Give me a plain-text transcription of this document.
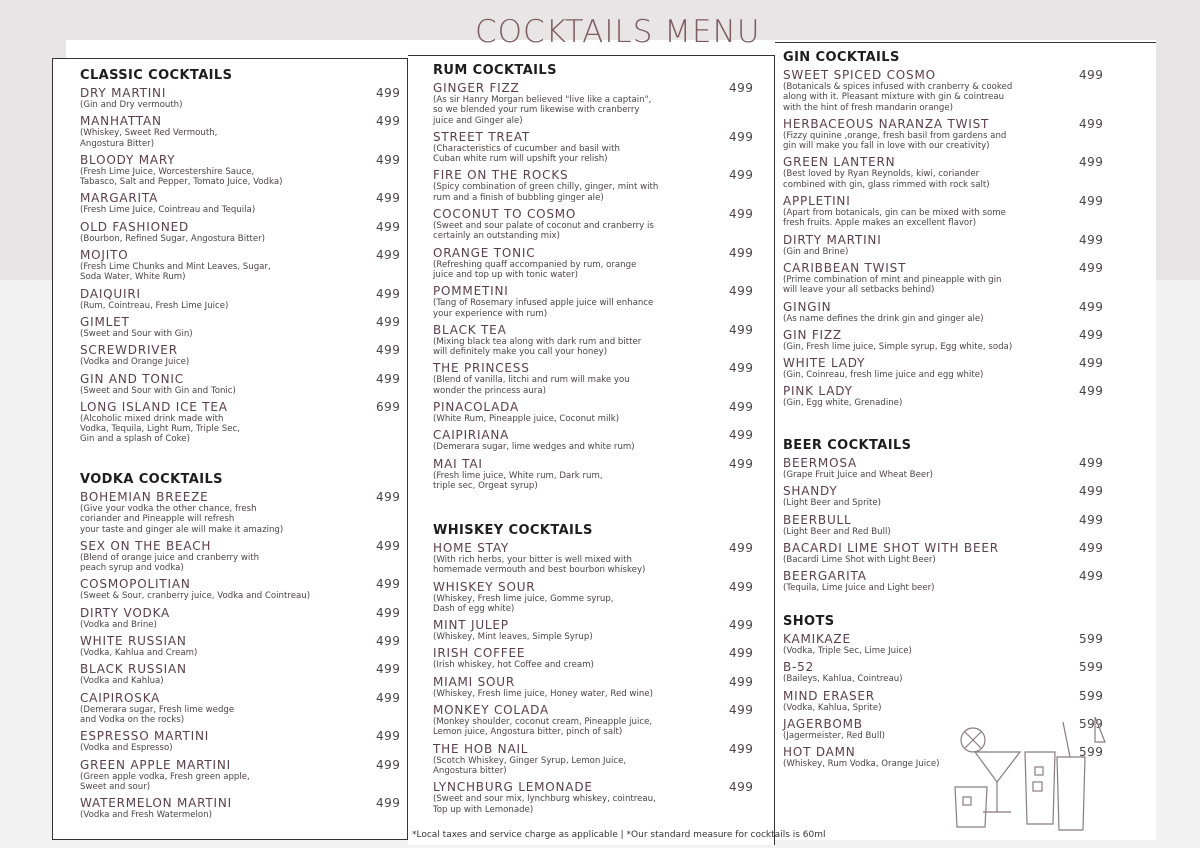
COCKTAILS MENU
CLASSIC COCKTAILS
DRY MARTINI
(Gin and Dry vermouth)
499
MANHATTAN
(Whiskey, Sweet Red Vermouth,
Angostura Bitter)
499
BLOODY MARY
(Fresh Lime Juice, Worcestershire Sauce,
Tabasco, Salt and Pepper, Tomato Juice, Vodka)
499
MARGARITA
(Fresh Lime Juice, Cointreau and Tequila)
499
OLD FASHIONED
(Bourbon, Refined Sugar, Angostura Bitter)
499
MOJITO
(Fresh Lime Chunks and Mint Leaves, Sugar,
Soda Water, White Rum)
499
DAIQUIRI
(Rum, Cointreau, Fresh Lime Juice)
499
GIMLET
(Sweet and Sour with Gin)
499
SCREWDRIVER
(Vodka and Orange Juice)
499
GIN AND TONIC
(Sweet and Sour with Gin and Tonic)
499
LONG ISLAND ICE TEA
(Alcoholic mixed drink made with
Vodka, Tequila, Light Rum, Triple Sec,
Gin and a splash of Coke)
699
VODKA COCKTAILS
BOHEMIAN BREEZE
(Give your vodka the other chance, fresh
coriander and Pineapple will refresh
your taste and ginger ale will make it amazing)
499
SEX ON THE BEACH
(Blend of orange juice and cranberry with
peach syrup and vodka)
499
COSMOPOLITIAN
(Sweet & Sour, cranberry juice, Vodka and Cointreau)
499
DIRTY VODKA
(Vodka and Brine)
499
WHITE RUSSIAN
(Vodka, Kahlua and Cream)
499
BLACK RUSSIAN
(Vodka and Kahlua)
499
CAIPIROSKA
(Demerara sugar, Fresh lime wedge
and Vodka on the rocks)
499
ESPRESSO MARTINI
(Vodka and Espresso)
499
GREEN APPLE MARTINI
(Green apple vodka, Fresh green apple,
Sweet and sour)
499
WATERMELON MARTINI
(Vodka and Fresh Watermelon)
499
RUM COCKTAILS
GINGER FIZZ
(As sir Hanry Morgan believed "live like a captain",
so we blended your rum likewise with cranberry
juice and Ginger ale)
499
STREET TREAT
(Characteristics of cucumber and basil with
Cuban white rum will upshift your relish)
499
FIRE ON THE ROCKS
(Spicy combination of green chilly, ginger, mint with
rum and a finish of bubbling ginger ale)
499
COCONUT TO COSMO
(Sweet and sour palate of coconut and cranberry is
certainly an outstanding mix)
499
ORANGE TONIC
(Refreshing quaff accompanied by rum, orange
juice and top up with tonic water)
499
POMMETINI
(Tang of Rosemary infused apple juice will enhance
your experience with rum)
499
BLACK TEA
(Mixing black tea along with dark rum and bitter
will definitely make you call your honey)
499
THE PRINCESS
(Blend of vanilla, litchi and rum will make you
wonder the princess aura)
499
PINACOLADA
(White Rum, Pineapple juice, Coconut milk)
499
CAIPIRIANA
(Demerara sugar, lime wedges and white rum)
499
MAI TAI
(Fresh lime juice, White rum, Dark rum,
triple sec, Orgeat syrup)
499
WHISKEY COCKTAILS
HOME STAY
(With rich herbs, your bitter is well mixed with
homemade vermouth and best bourbon whiskey)
499
WHISKEY SOUR
(Whiskey, Fresh lime juice, Gomme syrup,
Dash of egg white)
499
MINT JULEP
(Whiskey, Mint leaves, Simple Syrup)
499
IRISH COFFEE
(Irish whiskey, hot Coffee and cream)
499
MIAMI SOUR
(Whiskey, Fresh lime juice, Honey water, Red wine)
499
MONKEY COLADA
(Monkey shoulder, coconut cream, Pineapple juice,
Lemon juice, Angostura bitter, pinch of salt)
499
THE HOB NAIL
(Scotch Whiskey, Ginger Syrup, Lemon Juice,
Angostura bitter)
499
LYNCHBURG LEMONADE
(Sweet and sour mix, lynchburg whiskey, cointreau,
Top up with Lemonade)
499
GIN COCKTAILS
SWEET SPICED COSMO
(Botanicals & spices infused with cranberry & cooked
along with it. Pleasant mixture with gin & cointreau
with the hint of fresh mandarin orange)
499
HERBACEOUS NARANZA TWIST
(Fizzy quinine ,orange, fresh basil from gardens and
gin will make you fall in love with our creativity)
499
GREEN LANTERN
(Best loved by Ryan Reynolds, kiwi, coriander
combined with gin, glass rimmed with rock salt)
499
APPLETINI
(Apart from botanicals, gin can be mixed with some
fresh fruits. Apple makes an excellent flavor)
499
DIRTY MARTINI
(Gin and Brine)
499
CARIBBEAN TWIST
(Prime combination of mint and pineapple with gin
will leave your all setbacks behind)
499
GINGIN
(As name defines the drink gin and ginger ale)
499
GIN FIZZ
(Gin, Fresh lime juice, Simple syrup, Egg white, soda)
499
WHITE LADY
(Gin, Coinreau, fresh lime juice and egg white)
499
PINK LADY
(Gin, Egg white, Grenadine)
499
BEER COCKTAILS
BEERMOSA
(Grape Fruit Juice and Wheat Beer)
499
SHANDY
(Light Beer and Sprite)
499
BEERBULL
(Light Beer and Red Bull)
499
BACARDI LIME SHOT WITH BEER
(Bacardi Lime Shot with Light Beer)
499
BEERGARITA
(Tequila, Lime Juice and Light beer)
499
SHOTS
KAMIKAZE
(Vodka, Triple Sec, Lime Juice)
599
B-52
(Baileys, Kahlua, Cointreau)
599
MIND ERASER
(Vodka, Kahlua, Sprite)
599
JAGERBOMB
(Jagermeister, Red Bull)
599
HOT DAMN
(Whiskey, Rum Vodka, Orange Juice)
599
*Local taxes and service charge as applicable | *Our standard measure for cocktails is 60ml
